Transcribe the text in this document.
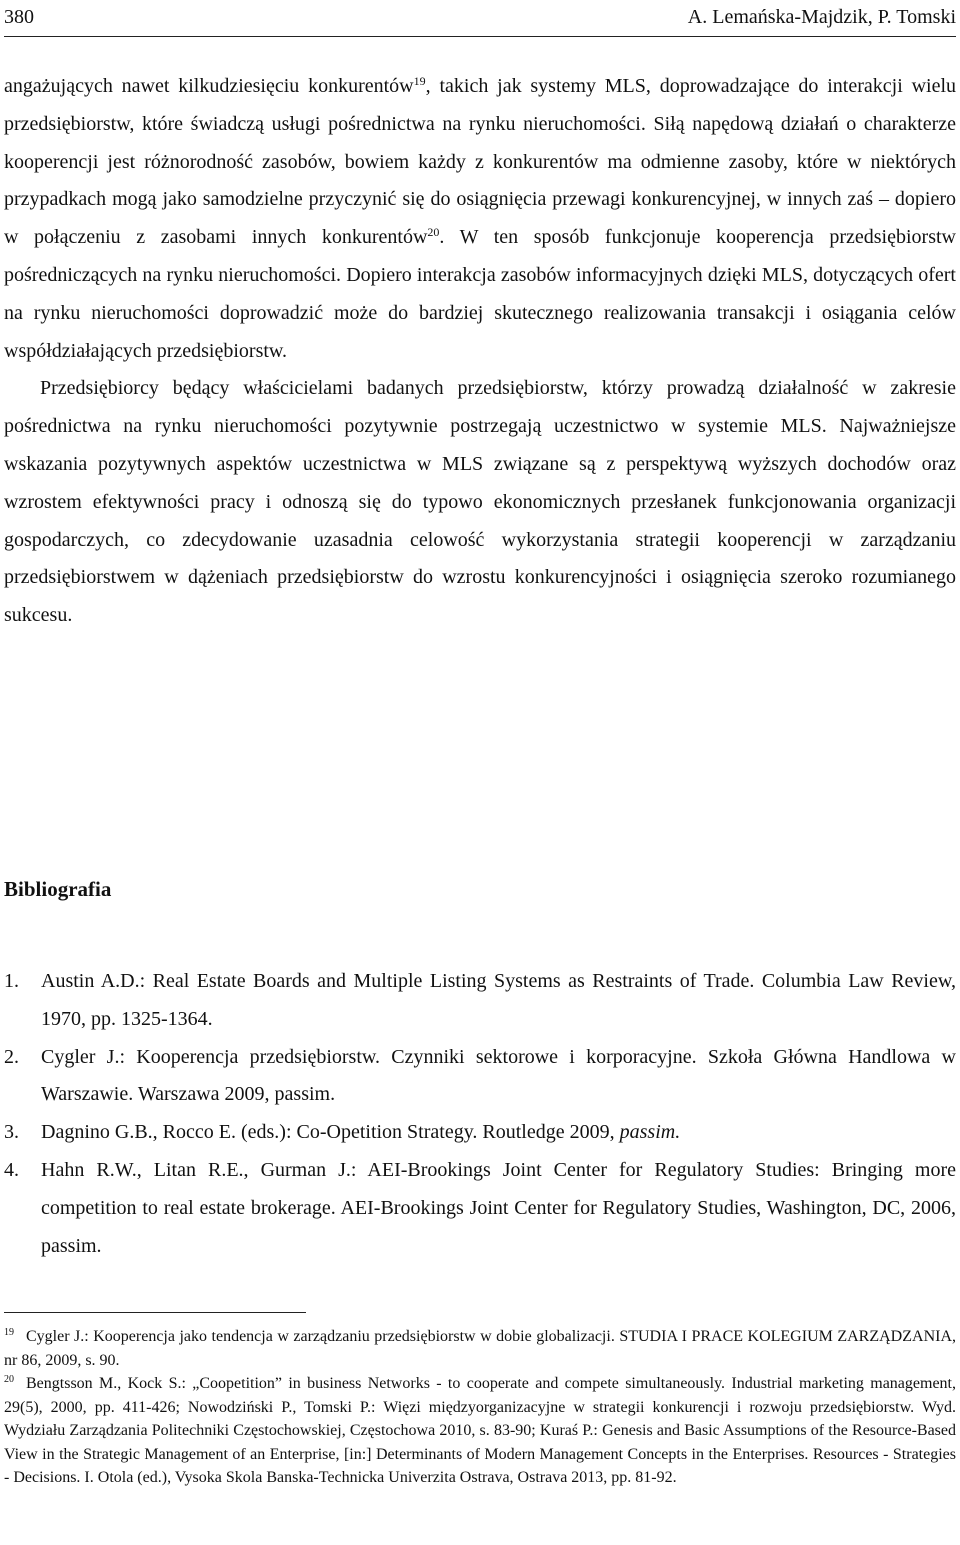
380	A. Lemańska-Majdzik, P. Tomski

angażujących nawet kilkudziesięciu konkurentów$^{19}$, takich jak systemy MLS, doprowadzające do interakcji wielu przedsiębiorstw, które świadczą usługi pośrednictwa na rynku nieruchomości. Siłą napędową działań o charakterze kooperencji jest różnorodność zasobów, bowiem każdy z konkurentów ma odmienne zasoby, które w niektórych przypadkach mogą jako samodzielne przyczynić się do osiągnięcia przewagi konkurencyjnej, w innych zaś – dopiero w połączeniu z zasobami innych konkurentów$^{20}$. W ten sposób funkcjonuje kooperencja przedsiębiorstw pośredniczących na rynku nieruchomości. Dopiero interakcja zasobów informacyjnych dzięki MLS, dotyczących ofert na rynku nieruchomości doprowadzić może do bardziej skutecznego realizowania transakcji i osiągania celów współdziałających przedsiębiorstw.

Przedsiębiorcy będący właścicielami badanych przedsiębiorstw, którzy prowadzą działalność w zakresie pośrednictwa na rynku nieruchomości pozytywnie postrzegają uczestnictwo w systemie MLS. Najważniejsze wskazania pozytywnych aspektów uczestnictwa w MLS związane są z perspektywą wyższych dochodów oraz wzrostem efektywności pracy i odnoszą się do typowo ekonomicznych przesłanek funkcjonowania organizacji gospodarczych, co zdecydowanie uzasadnia celowość wykorzystania strategii kooperencji w zarządzaniu przedsiębiorstwem w dążeniach przedsiębiorstw do wzrostu konkurencyjności i osiągnięcia szeroko rozumianego sukcesu.

Bibliografia
1. Austin A.D.: Real Estate Boards and Multiple Listing Systems as Restraints of Trade. Columbia Law Review, 1970, pp. 1325-1364.
2. Cygler J.: Kooperencja przedsiębiorstw. Czynniki sektorowe i korporacyjne. Szkoła Główna Handlowa w Warszawie. Warszawa 2009, passim.
3. Dagnino G.B., Rocco E. (eds.): Co-Opetition Strategy. Routledge 2009, passim.
4. Hahn R.W., Litan R.E., Gurman J.: AEI-Brookings Joint Center for Regulatory Studies: Bringing more competition to real estate brokerage. AEI-Brookings Joint Center for Regulatory Studies, Washington, DC, 2006, passim.

$^{19}$ Cygler J.: Kooperencja jako tendencja w zarządzaniu przedsiębiorstw w dobie globalizacji. STUDIA I PRACE KOLEGIUM ZARZĄDZANIA, nr 86, 2009, s. 90.

$^{20}$ Bengtsson M., Kock S.: „Coopetition” in business Networks - to cooperate and compete simultaneously. Industrial marketing management, 29(5), 2000, pp. 411-426; Nowodziński P., Tomski P.: Więzi międzyorganizacyjne w strategii konkurencji i rozwoju przedsiębiorstw. Wyd. Wydziału Zarządzania Politechniki Częstochowskiej, Częstochowa 2010, s. 83-90; Kuraś P.: Genesis and Basic Assumptions of the Resource-Based View in the Strategic Management of an Enterprise, [in:] Determinants of Modern Management Concepts in the Enterprises. Resources - Strategies - Decisions. I. Otola (ed.), Vysoka Skola Banska-Technicka Univerzita Ostrava, Ostrava 2013, pp. 81-92.
